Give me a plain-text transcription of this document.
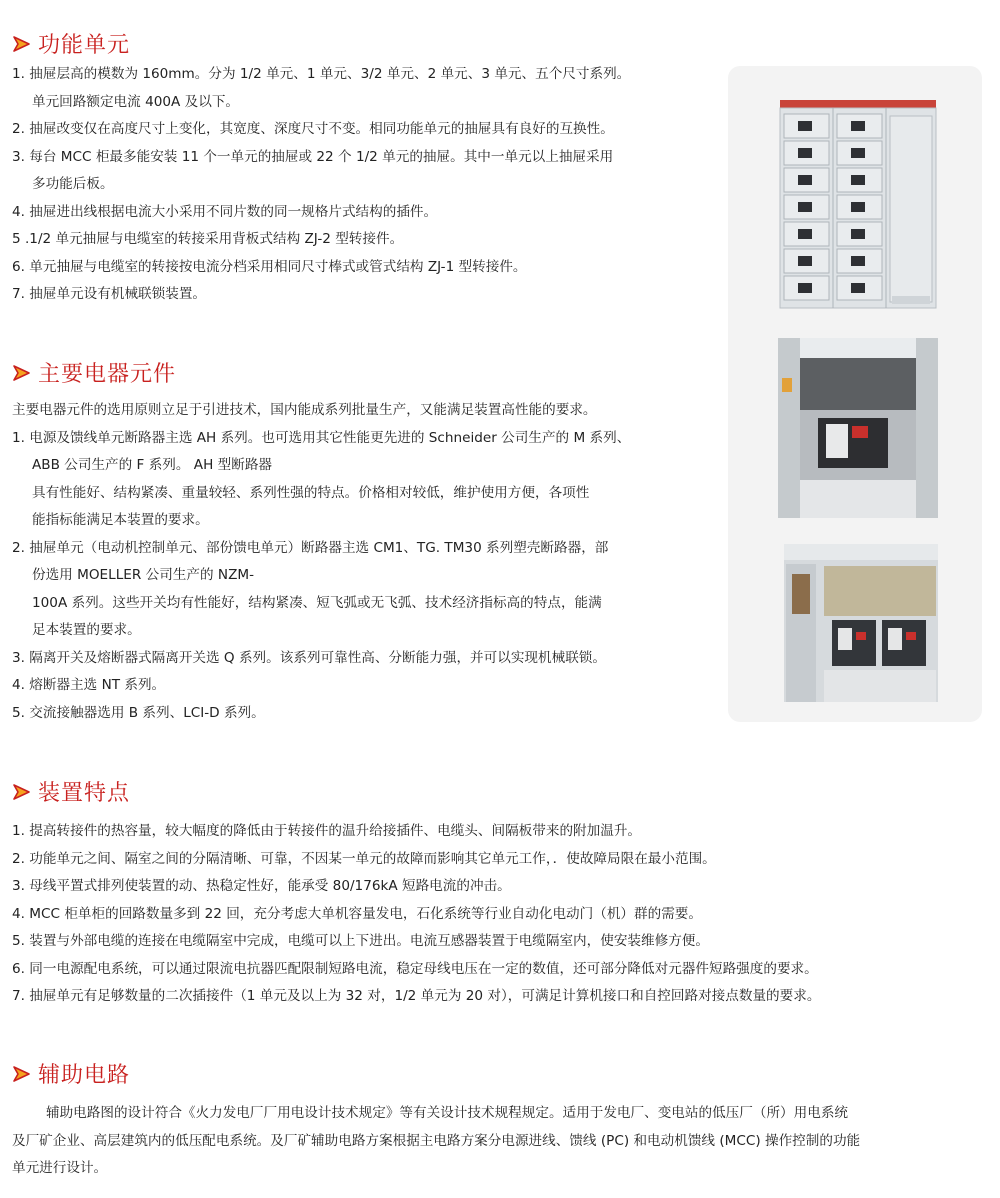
功能单元
1. 抽屉层高的模数为 160mm。分为 1/2 单元、1 单元、3/2 单元、2 单元、3 单元、五个尺寸系列。
单元回路额定电流 400A 及以下。
2. 抽屉改变仅在高度尺寸上变化，其宽度、深度尺寸不变。相同功能单元的抽屉具有良好的互换性。
3. 每台 MCC 柜最多能安装 11 个一单元的抽屉或 22 个 1/2 单元的抽屉。其中一单元以上抽屉采用
多功能后板。
4. 抽屉进出线根据电流大小采用不同片数的同一规格片式结构的插件。
5 .1/2 单元抽屉与电缆室的转接采用背板式结构 ZJ-2 型转接件。
6. 单元抽屉与电缆室的转接按电流分档采用相同尺寸棒式或管式结构 ZJ-1 型转接件。
7. 抽屉单元设有机械联锁装置。
主要电器元件
主要电器元件的选用原则立足于引进技术，国内能成系列批量生产，又能满足装置高性能的要求。
1. 电源及馈线单元断路器主选 AH 系列。也可选用其它性能更先进的 Schneider 公司生产的 M 系列、
ABB 公司生产的 F 系列。 AH 型断路器
具有性能好、结构紧凑、重量较轻、系列性强的特点。价格相对较低，维护使用方便，各项性
能指标能满足本装置的要求。
2. 抽屉单元（电动机控制单元、部份馈电单元）断路器主选 CM1、TG. TM30 系列塑壳断路器，部
份选用 MOELLER 公司生产的 NZM-
100A 系列。这些开关均有性能好，结构紧凑、短飞弧或无飞弧、技术经济指标高的特点，能满
足本装置的要求。
3. 隔离开关及熔断器式隔离开关选 Q 系列。该系列可靠性高、分断能力强，并可以实现机械联锁。
4. 熔断器主选 NT 系列。
5. 交流接触器选用 B 系列、LCI-D 系列。
装置特点
1. 提高转接件的热容量，较大幅度的降低由于转接件的温升给接插件、电缆头、间隔板带来的附加温升。
2. 功能单元之间、隔室之间的分隔清晰、可靠，不因某一单元的故障而影响其它单元工作，．使故障局限在最小范围。
3. 母线平置式排列使装置的动、热稳定性好，能承受 80/176kA 短路电流的冲击。
4. MCC 柜单柜的回路数量多到 22 回，充分考虑大单机容量发电，石化系统等行业自动化电动门（机）群的需要。
5. 装置与外部电缆的连接在电缆隔室中完成，电缆可以上下进出。电流互感器装置于电缆隔室内，使安装维修方便。
6. 同一电源配电系统，可以通过限流电抗器匹配限制短路电流，稳定母线电压在一定的数值，还可部分降低对元器件短路强度的要求。
7. 抽屉单元有足够数量的二次插接件（1 单元及以上为 32 对，1/2 单元为 20 对），可满足计算机接口和自控回路对接点数量的要求。
辅助电路
辅助电路图的设计符合《火力发电厂厂用电设计技术规定》等有关设计技术规程规定。适用于发电厂、变电站的低压厂（所）用电系统
及厂矿企业、高层建筑内的低压配电系统。及厂矿辅助电路方案根据主电路方案分电源进线、馈线 (PC) 和电动机馈线 (MCC) 操作控制的功能
单元进行设计。
